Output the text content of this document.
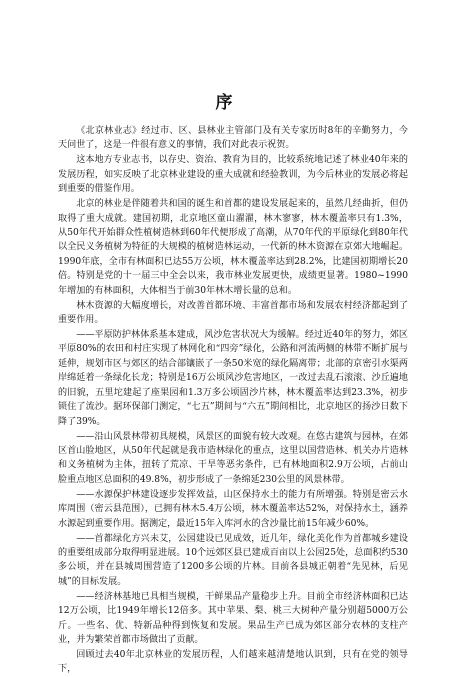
序

《北京林业志》经过市、区、县林业主管部门及有关专家历时8年的辛勤努力，今天问世了，这是一件很有意义的事情，我们对此表示祝贺。

这本地方专业志书，以存史、资治、教育为目的，比较系统地记述了林业40年来的发展历程，如实反映了北京林业建设的重大成就和经验教训，为今后林业的发展必将起到重要的借鉴作用。

北京的林业是伴随着共和国的诞生和首都的建设发展起来的，虽然几经曲折，但仍取得了重大成就。建国初期，北京地区童山濯濯，林木寥寥，林木覆盖率只有1.3%，从50年代开始群众性植树造林到60年代便形成了高潮，从70年代的平原绿化到80年代以全民义务植树为特征的大规模的植树造林运动，一代新的林木资源在京郊大地崛起。1990年底，全市有林面积已达55万公顷，林木覆盖率达到28.2%，比建国初期增长20倍。特别是党的十一届三中全会以来，我市林业发展更快，成绩更显著。1980~1990年增加的有林面积，大体相当于前30年林木增长量的总和。

林木资源的大幅度增长，对改善首都环境、丰富首都市场和发展农村经济都起到了重要作用。

——平原防护林体系基本建成，风沙危害状况大为缓解。经过近40年的努力，郊区平原80%的农田和村庄实现了林网化和“四旁”绿化，公路和河流两侧的林带不断扩展与延伸，规划市区与郊区的结合部镶嵌了一条50米宽的绿化隔离带；北部的京密引水渠两岸绵延着一条绿化长龙；特别是16万公顷风沙危害地区，一改过去乱石滚滚、沙丘遍地的旧貌，五里坨建起了座果园和1.3万多公顷固沙片林，林木覆盖率达到23.3%，初步锁住了流沙。据环保部门测定，“七五”期间与“六五”期间相比，北京地区的扬沙日数下降了39%。

——沿山风景林带初具规模，风景区的面貌有较大改观。在悠古建筑与园林，在郊区首山脸地区，从50年代起就是我市造林绿化的重点，这里以国营造林、机关办片造林和义务植树为主体，扭转了荒凉、干旱等恶劣条件，已有林地面积2.9万公顷，占前山脸重点地区总面积的49.8%，初步形成了一条绵延230公里的风景林带。

——水源保护林建设逐步发挥效益，山区保持水土的能力有所增强。特别是密云水库周围（密云县范围），已拥有林木5.4万公顷，林木覆盖率达52%，对保持水土，涵养水源起到重要作用。据测定，最近15年入库河水的含沙量比前15年减少60%。

——首都绿化方兴未艾，公园建设已见成效，近几年，绿化美化作为首都城乡建设的重要组成部分取得明显进展。10个远郊区县已建成百亩以上公园25处，总面积约530多公顷，并在县城周围营造了1200多公顷的片林。目前各县城正朝着“先见林，后见城”的目标发展。

——经济林基地已具相当规模，干鲜果品产量稳步上升。目前全市经济林面积已达12万公顷，比1949年增长12倍多。其中苹果、梨、桃三大树种产量分别超5000万公斤。一些名、优、特新品种得到恢复和发展。果品生产已成为郊区部分农林的支柱产业，并为繁荣首都市场做出了贡献。

回顾过去40年北京林业的发展历程，人们越来越清楚地认识到，只有在党的领导下，
